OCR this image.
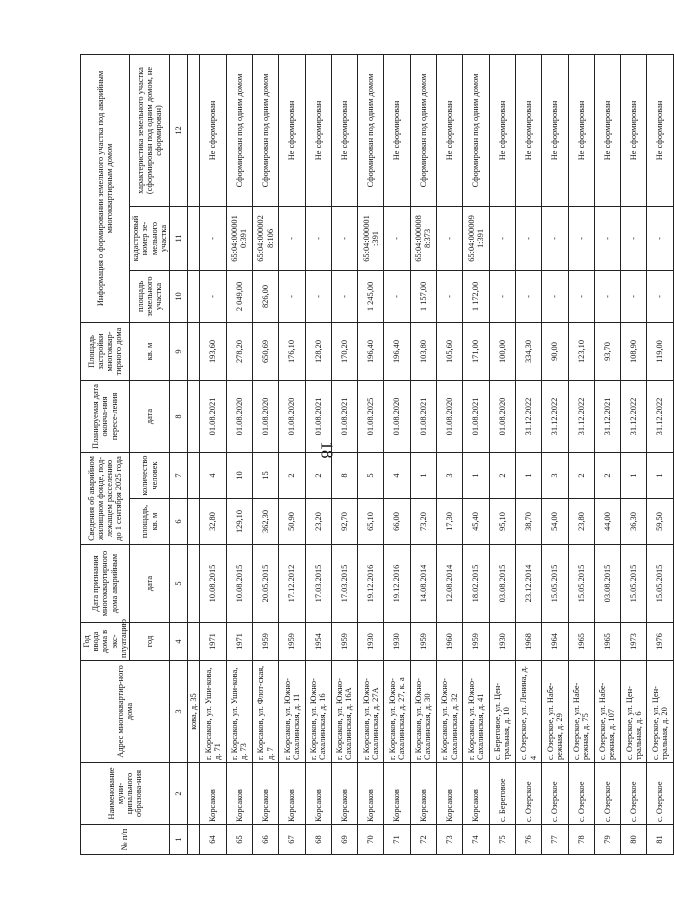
18
№ п/п	Наименование муни-ципального образова-ния	Адрес многоквартир-ного дома	Год ввода дома в экс-плуатацию	Дата признания многоквартирного дома аварийным	Сведения об аварийном жилищном фонде, под-лежащем расселению до 1 сентября 2025 года		Планируемая дата оконча-ния пересе-ления	Площадь застройки многоквар-тирного дома	Информация о формировании земельного участка под аварийным многоквартирным домом		
			год	дата	площадь, кв. м	количество человек	дата	кв. м	площадь земельного участка	кадастровый номер зе-мельного участка	характеристика земельного участка (сформирован под одним домом, не сформирован)
1	2	3	4	5	6	7	8	9	10	11	12
		кова, д. 35									
64	Корсаков	г. Корсаков, ул. Уши-кова, д. 71	1971	10.08.2015	32,80	4	01.08.2021	193,60	-	-	Не сформирован
65	Корсаков	г. Корсаков, ул. Уши-кова, д. 73	1971	10.08.2015	129,10	10	01.08.2020	278,20	2 049,00	65:04:000001 0:391	Сформирован под одним домом
66	Корсаков	г. Корсаков, ул. Флот-ская, д. 7	1959	20.05.2015	362,30	15	01.08.2020	650,69	826,00	65:04:000002 8:106	Сформирован под одним домом
67	Корсаков	г. Корсаков, ул. Южно-Сахалинская, д. 11	1959	17.12.2012	50,90	2	01.08.2020	176,10	-	-	Не сформирован
68	Корсаков	г. Корсаков, ул. Южно-Сахалинская, д. 16	1954	17.03.2015	23,20	2	01.08.2021	128,20	-	-	Не сформирован
69	Корсаков	г. Корсаков, ул. Южно-Сахалинская, д. 16А	1959	17.03.2015	92,70	8	01.08.2021	170,20	-	-	Не сформирован
70	Корсаков	г. Корсаков, ул. Южно-Сахалинская, д. 27А	1930	19.12.2016	65,10	5	01.08.2025	196,40	1 245,00	65:04:000001 :391	Сформирован под одним домом
71	Корсаков	г. Корсаков, ул. Южно-Сахалинская, д. 27, к. а	1930	19.12.2016	66,00	4	01.08.2020	196,40	-	-	Не сформирован
72	Корсаков	г. Корсаков, ул. Южно-Сахалинская, д. 30	1959	14.08.2014	73,20	1	01.08.2021	103,80	1 157,00	65:04:000008 8:373	Сформирован под одним домом
73	Корсаков	г. Корсаков, ул. Южно-Сахалинская, д. 32	1960	12.08.2014	17,30	3	01.08.2020	105,60	-	-	Не сформирован
74	Корсаков	г. Корсаков, ул. Южно-Сахалинская, д. 41	1959	18.02.2015	45,40	1	01.08.2021	171,00	1 172,00	65:04:000009 1:391	Сформирован под одним домом
75	с. Береговое	с. Береговое, ул. Цен-тральная, д. 10	1930	03.08.2015	95,10	2	01.08.2020	100,00	-	-	Не сформирован
76	с. Озерское	с. Озерское, ул. Ленина, д. 4	1968	23.12.2014	38,70	1	31.12.2022	334,30	-	-	Не сформирован
77	с. Озерское	с. Озерское, ул. Набе-режная, д. 29	1964	15.05.2015	54,00	3	31.12.2022	90,00	-	-	Не сформирован
78	с. Озерское	с. Озерское, ул. Набе-режная, д. 75	1965	15.05.2015	23,80	2	31.12.2022	123,10	-	-	Не сформирован
79	с. Озерское	с. Озерское, ул. Набе-режная, д. 107	1965	03.08.2015	44,00	2	31.12.2021	93,70	-	-	Не сформирован
80	с. Озерское	с. Озерское, ул. Цен-тральная, д. 6	1973	15.05.2015	36,30	1	31.12.2022	108,90	-	-	Не сформирован
81	с. Озерское	с. Озерское, ул. Цен-тральная, д. 20	1976	15.05.2015	59,50	1	31.12.2022	119,00	-	-	Не сформирован
